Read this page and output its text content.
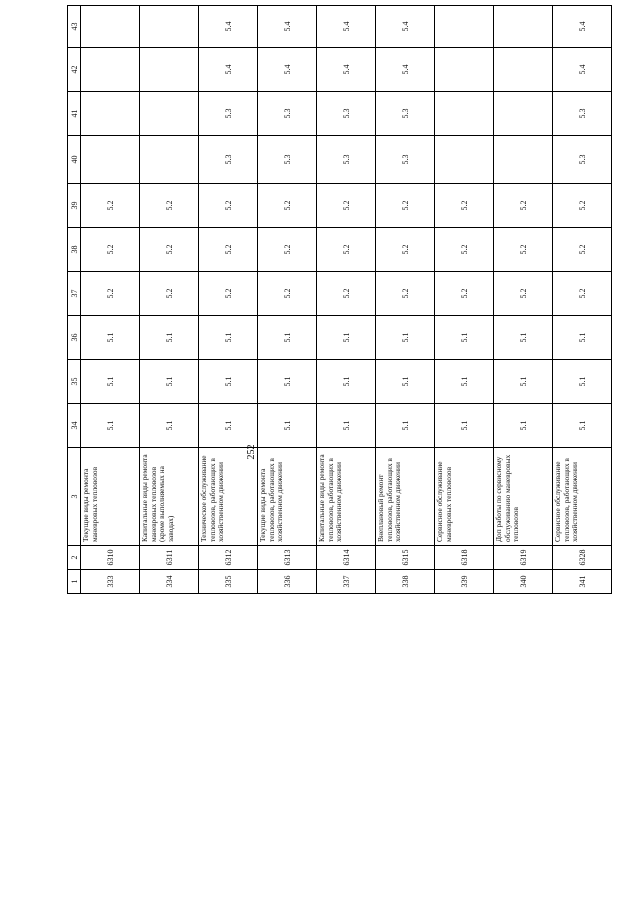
252
1	2	3	34	35	36	37	38	39	40	41	42	43
333	6310	Текущие виды ремонта маневровых тепловозов	5.1	5.1	5.1	5.2	5.2	5.2				
334	6311	Капитальные виды ремонта маневровых тепловозов (кроме выполняемых на заводах)	5.1	5.1	5.1	5.2	5.2	5.2				
335	6312	Техническое обслуживание тепловозов, работающих в хозяйственном движении	5.1	5.1	5.1	5.2	5.2	5.2	5.3	5.3	5.4	5.4
336	6313	Текущие виды ремонта тепловозов, работающих в хозяйственном движении	5.1	5.1	5.1	5.2	5.2	5.2	5.3	5.3	5.4	5.4
337	6314	Капитальные виды ремонта тепловозов, работающих в хозяйственном движении	5.1	5.1	5.1	5.2	5.2	5.2	5.3	5.3	5.4	5.4
338	6315	Внеплановый ремонт тепловозов, работающих в хозяйственном движении	5.1	5.1	5.1	5.2	5.2	5.2	5.3	5.3	5.4	5.4
339	6318	Сервисное обслуживание маневровых тепловозов	5.1	5.1	5.1	5.2	5.2	5.2				
340	6319	Доп работы по сервисному обслуживанию маневровых тепловозов	5.1	5.1	5.1	5.2	5.2	5.2				
341	6328	Сервисное обслуживание тепловозов, работающих в хозяйственном движении	5.1	5.1	5.1	5.2	5.2	5.2	5.3	5.3	5.4	5.4
